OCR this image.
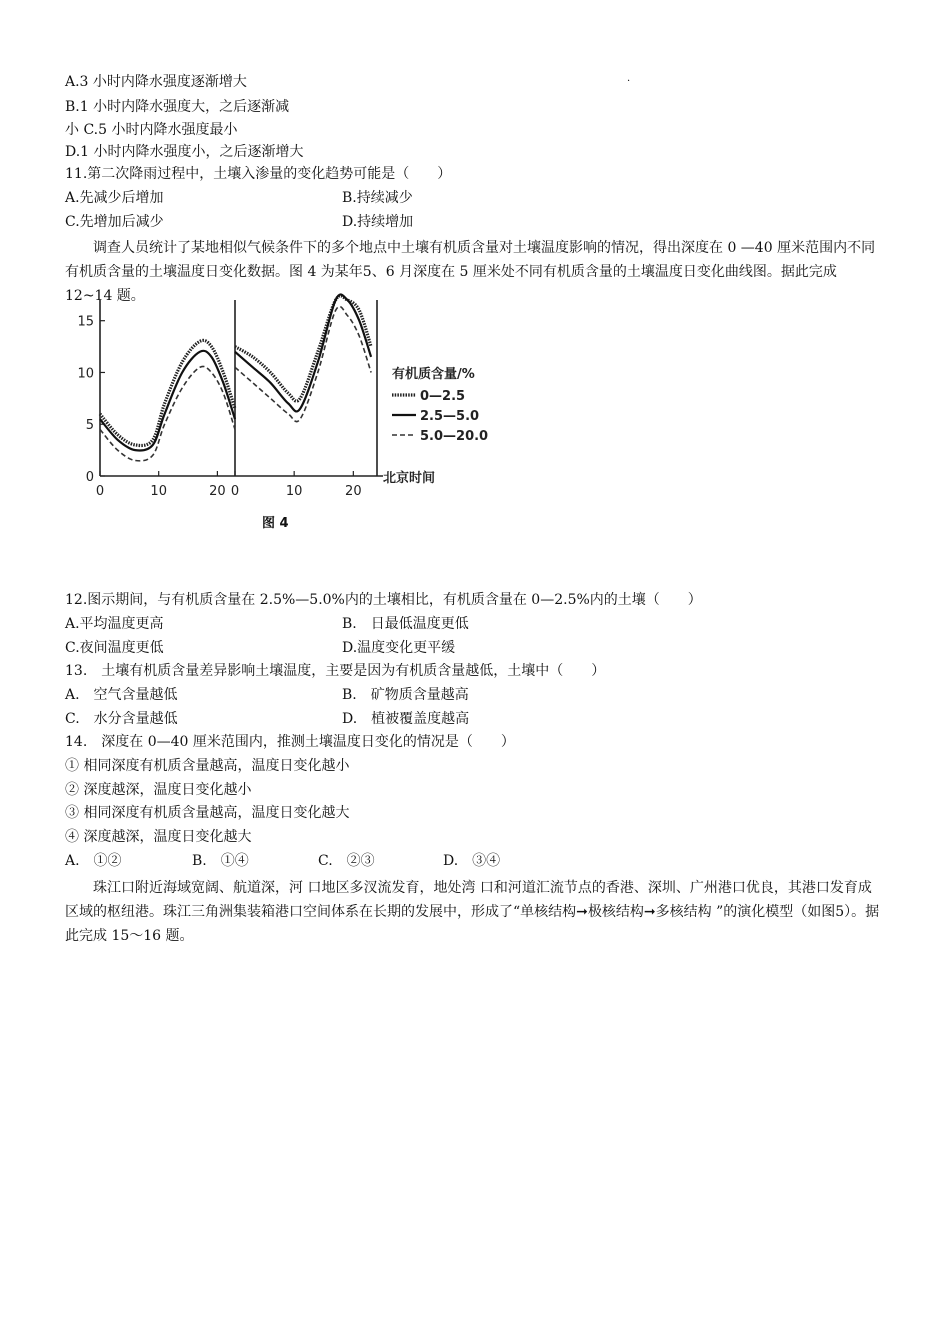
·
A.3 小时内降水强度逐渐增大
B.1 小时内降水强度大，之后逐渐减
小 C.5 小时内降水强度最小
D.1 小时内降水强度小，之后逐渐增大
11.第二次降雨过程中，土壤入渗量的变化趋势可能是（　　）
A.先减少后增加	B.持续减少
C.先增加后减少	D.持续增加
调查人员统计了某地相似气候条件下的多个地点中土壤有机质含量对土壤温度影响的情况，得出深度在 0 —40 厘米范围内不同有机质含量的土壤温度日变化数据。图 4 为某年5、6 月深度在 5 厘米处不同有机质含量的土壤温度日变化曲线图。据此完成 12~14 题。
0
5
10
15
0	10	20 0	10	20
北京时间
有机质含量/%
0—2.5
2.5—5.0
5.0—20.0
图 4
12.图示期间，与有机质含量在 2.5%—5.0%内的土壤相比，有机质含量在 0—2.5%内的土壤（　　）
A.平均温度更高	B.　日最低温度更低
C.夜间温度更低	D.温度变化更平缓
13.　土壤有机质含量差异影响土壤温度，主要是因为有机质含量越低，土壤中（　　）
A.　空气含量越低	B.　矿物质含量越高
C.　水分含量越低	D.　植被覆盖度越高
14.　深度在 0—40 厘米范围内，推测土壤温度日变化的情况是（　　）
① 相同深度有机质含量越高，温度日变化越小
② 深度越深，温度日变化越小
③ 相同深度有机质含量越高，温度日变化越大
④ 深度越深，温度日变化越大
A.　①②	B.　①④	C.　②③	D.　③④
珠江口附近海域宽阔、航道深，河 口地区多汊流发育，地处湾 口和河道汇流节点的香港、深圳、广州港口优良，其港口发育成区域的枢纽港。珠江三角洲集装箱港口空间体系在长期的发展中，形成了“单核结构➞极核结构➞多核结构 ”的演化模型（如图5）。据此完成 15～16 题。
